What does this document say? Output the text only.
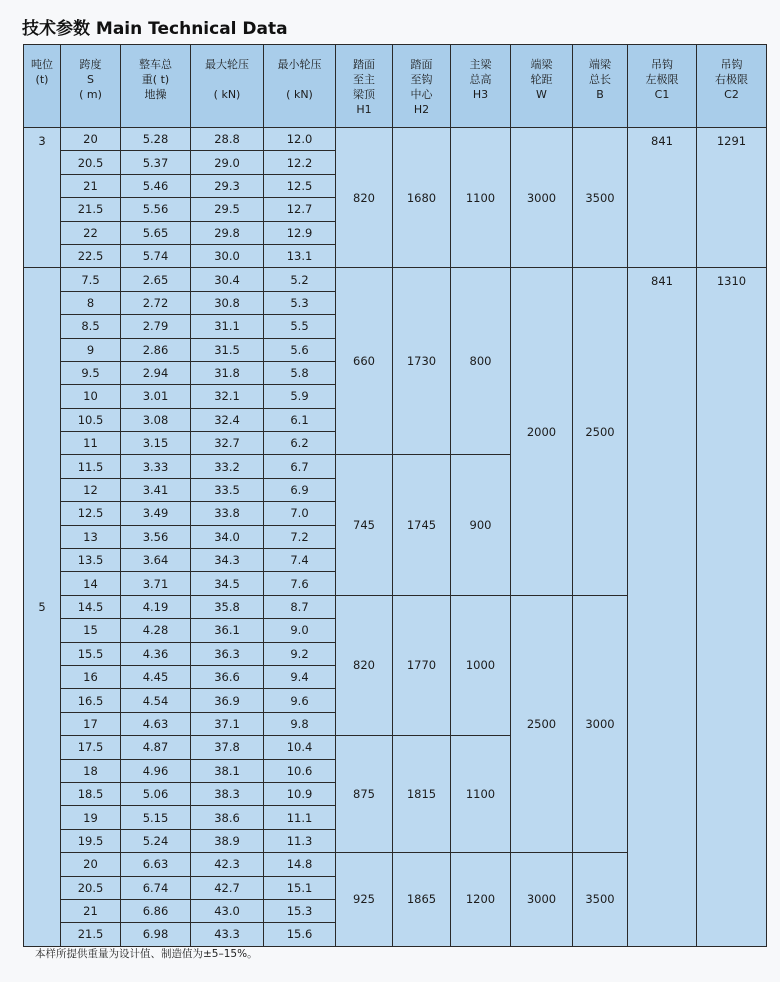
技术参数 Main Technical Data
吨位
(t)	跨度
S
( m)	整车总
重( t)
地操	最大轮压

( kN)	最小轮压

( kN)	踏面
至主
梁顶
H1	踏面
至钩
中心
H2	主梁
总高
H3	端梁
轮距
W	端梁
总长
B	吊钩
左极限
C1	吊钩
右极限
C2

3	20	5.28	28.8	12.0	820	1680	1100	3000	3500	841	1291
	20.5	5.37	29.0	12.2							
	21	5.46	29.3	12.5							
	21.5	5.56	29.5	12.7							
	22	5.65	29.8	12.9							
	22.5	5.74	30.0	13.1							
5	7.5	2.65	30.4	5.2	660	1730	800	2000	2500	841	1310
	8	2.72	30.8	5.3							
	8.5	2.79	31.1	5.5							
	9	2.86	31.5	5.6							
	9.5	2.94	31.8	5.8							
	10	3.01	32.1	5.9							
	10.5	3.08	32.4	6.1							
	11	3.15	32.7	6.2							
	11.5	3.33	33.2	6.7	745	1745	900				
	12	3.41	33.5	6.9							
	12.5	3.49	33.8	7.0							
	13	3.56	34.0	7.2							
	13.5	3.64	34.3	7.4							
	14	3.71	34.5	7.6							
	14.5	4.19	35.8	8.7	820	1770	1000	2500	3000		
	15	4.28	36.1	9.0							
	15.5	4.36	36.3	9.2							
	16	4.45	36.6	9.4							
	16.5	4.54	36.9	9.6							
	17	4.63	37.1	9.8							
	17.5	4.87	37.8	10.4	875	1815	1100				
	18	4.96	38.1	10.6							
	18.5	5.06	38.3	10.9							
	19	5.15	38.6	11.1							
	19.5	5.24	38.9	11.3							
	20	6.63	42.3	14.8	925	1865	1200	3000	3500		
	20.5	6.74	42.7	15.1							
	21	6.86	43.0	15.3							
	21.5	6.98	43.3	15.6							

本样所提供重量为设计值、制造值为±5–15%。
